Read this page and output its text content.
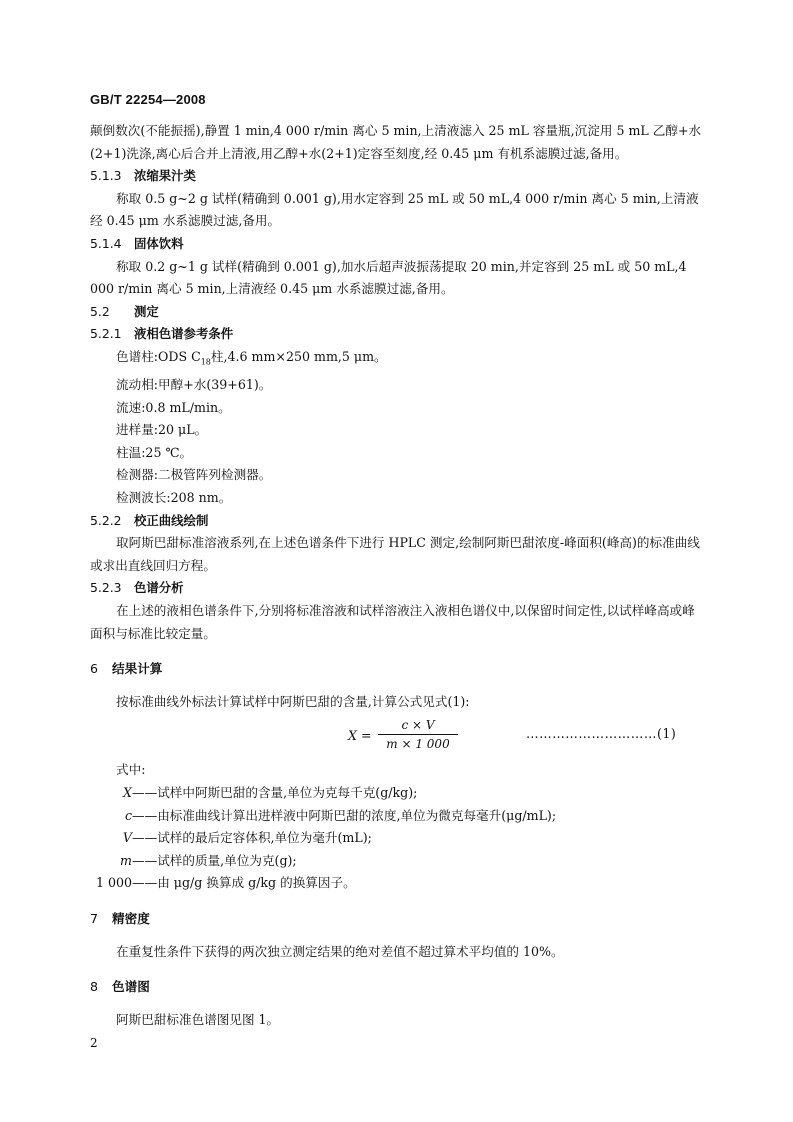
GB/T 22254—2008

颠倒数次(不能振摇),静置 1 min,4 000 r/min 离心 5 min,上清液滤入 25 mL 容量瓶,沉淀用 5 mL 乙醇+水(2+1)洗涤,离心后合并上清液,用乙醇+水(2+1)定容至刻度,经 0.45 μm 有机系滤膜过滤,备用。

5.1.3 浓缩果汁类

称取 0.5 g~2 g 试样(精确到 0.001 g),用水定容到 25 mL 或 50 mL,4 000 r/min 离心 5 min,上清液经 0.45 μm 水系滤膜过滤,备用。

5.1.4 固体饮料

称取 0.2 g~1 g 试样(精确到 0.001 g),加水后超声波振荡提取 20 min,并定容到 25 mL 或 50 mL,4 000 r/min 离心 5 min,上清液经 0.45 μm 水系滤膜过滤,备用。

5.2 测定

5.2.1 液相色谱参考条件

色谱柱:ODS $C_{18}$柱,4.6 mm×250 mm,5 μm。

流动相:甲醇+水(39+61)。

流速:0.8 mL/min。

进样量:20 μL。

柱温:25 ℃。

检测器:二极管阵列检测器。

检测波长:208 nm。

5.2.2 校正曲线绘制

取阿斯巴甜标准溶液系列,在上述色谱条件下进行 HPLC 测定,绘制阿斯巴甜浓度-峰面积(峰高)的标准曲线或求出直线回归方程。

5.2.3 色谱分析

在上述的液相色谱条件下,分别将标准溶液和试样溶液注入液相色谱仪中,以保留时间定性,以试样峰高或峰面积与标准比较定量。

6 结果计算

按标准曲线外标法计算试样中阿斯巴甜的含量,计算公式见式(1):

$X = \frac{c \times V}{m \times 1 000}$	…………………………(1)

式中:

X ——试样中阿斯巴甜的含量,单位为克每千克(g/kg);
c ——由标准曲线计算出进样液中阿斯巴甜的浓度,单位为微克每毫升(μg/mL);
V ——试样的最后定容体积,单位为毫升(mL);
m ——试样的质量,单位为克(g);
1 000 ——由 μg/g 换算成 g/kg 的换算因子。

7 精密度

在重复性条件下获得的两次独立测定结果的绝对差值不超过算术平均值的 10%。

8 色谱图

阿斯巴甜标准色谱图见图 1。

2
